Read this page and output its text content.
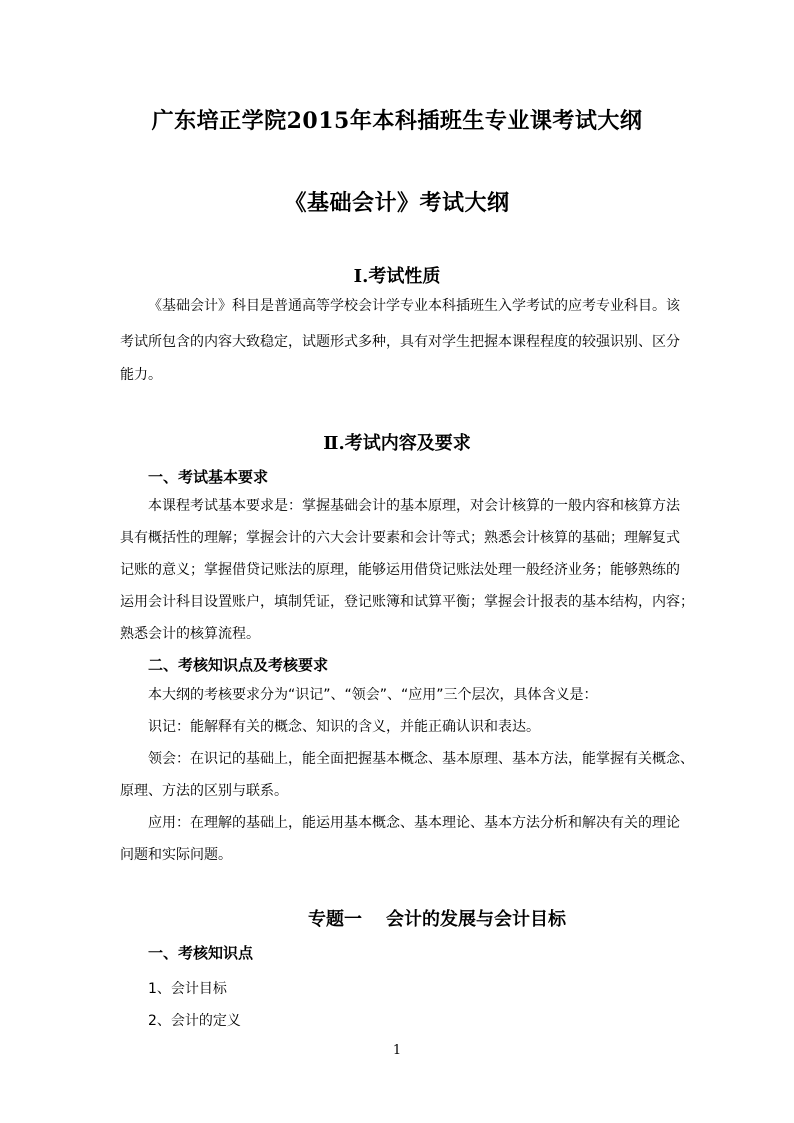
广东培正学院2015年本科插班生专业课考试大纲
《基础会计》考试大纲
Ⅰ.考试性质
《基础会计》科目是普通高等学校会计学专业本科插班生入学考试的应考专业科目。该
考试所包含的内容大致稳定，试题形式多种，具有对学生把握本课程程度的较强识别、区分
能力。
Ⅱ.考试内容及要求
一、考试基本要求
本课程考试基本要求是：掌握基础会计的基本原理，对会计核算的一般内容和核算方法
具有概括性的理解；掌握会计的六大会计要素和会计等式；熟悉会计核算的基础；理解复式
记账的意义；掌握借贷记账法的原理，能够运用借贷记账法处理一般经济业务；能够熟练的
运用会计科目设置账户，填制凭证，登记账簿和试算平衡；掌握会计报表的基本结构，内容；
熟悉会计的核算流程。
二、考核知识点及考核要求
本大纲的考核要求分为“识记”、“领会”、“应用”三个层次，具体含义是：
识记：能解释有关的概念、知识的含义，并能正确认识和表达。
领会：在识记的基础上，能全面把握基本概念、基本原理、基本方法，能掌握有关概念、
原理、方法的区别与联系。
应用：在理解的基础上，能运用基本概念、基本理论、基本方法分析和解决有关的理论
问题和实际问题。
专题一 会计的发展与会计目标
一、考核知识点
1、会计目标
2、会计的定义
1
